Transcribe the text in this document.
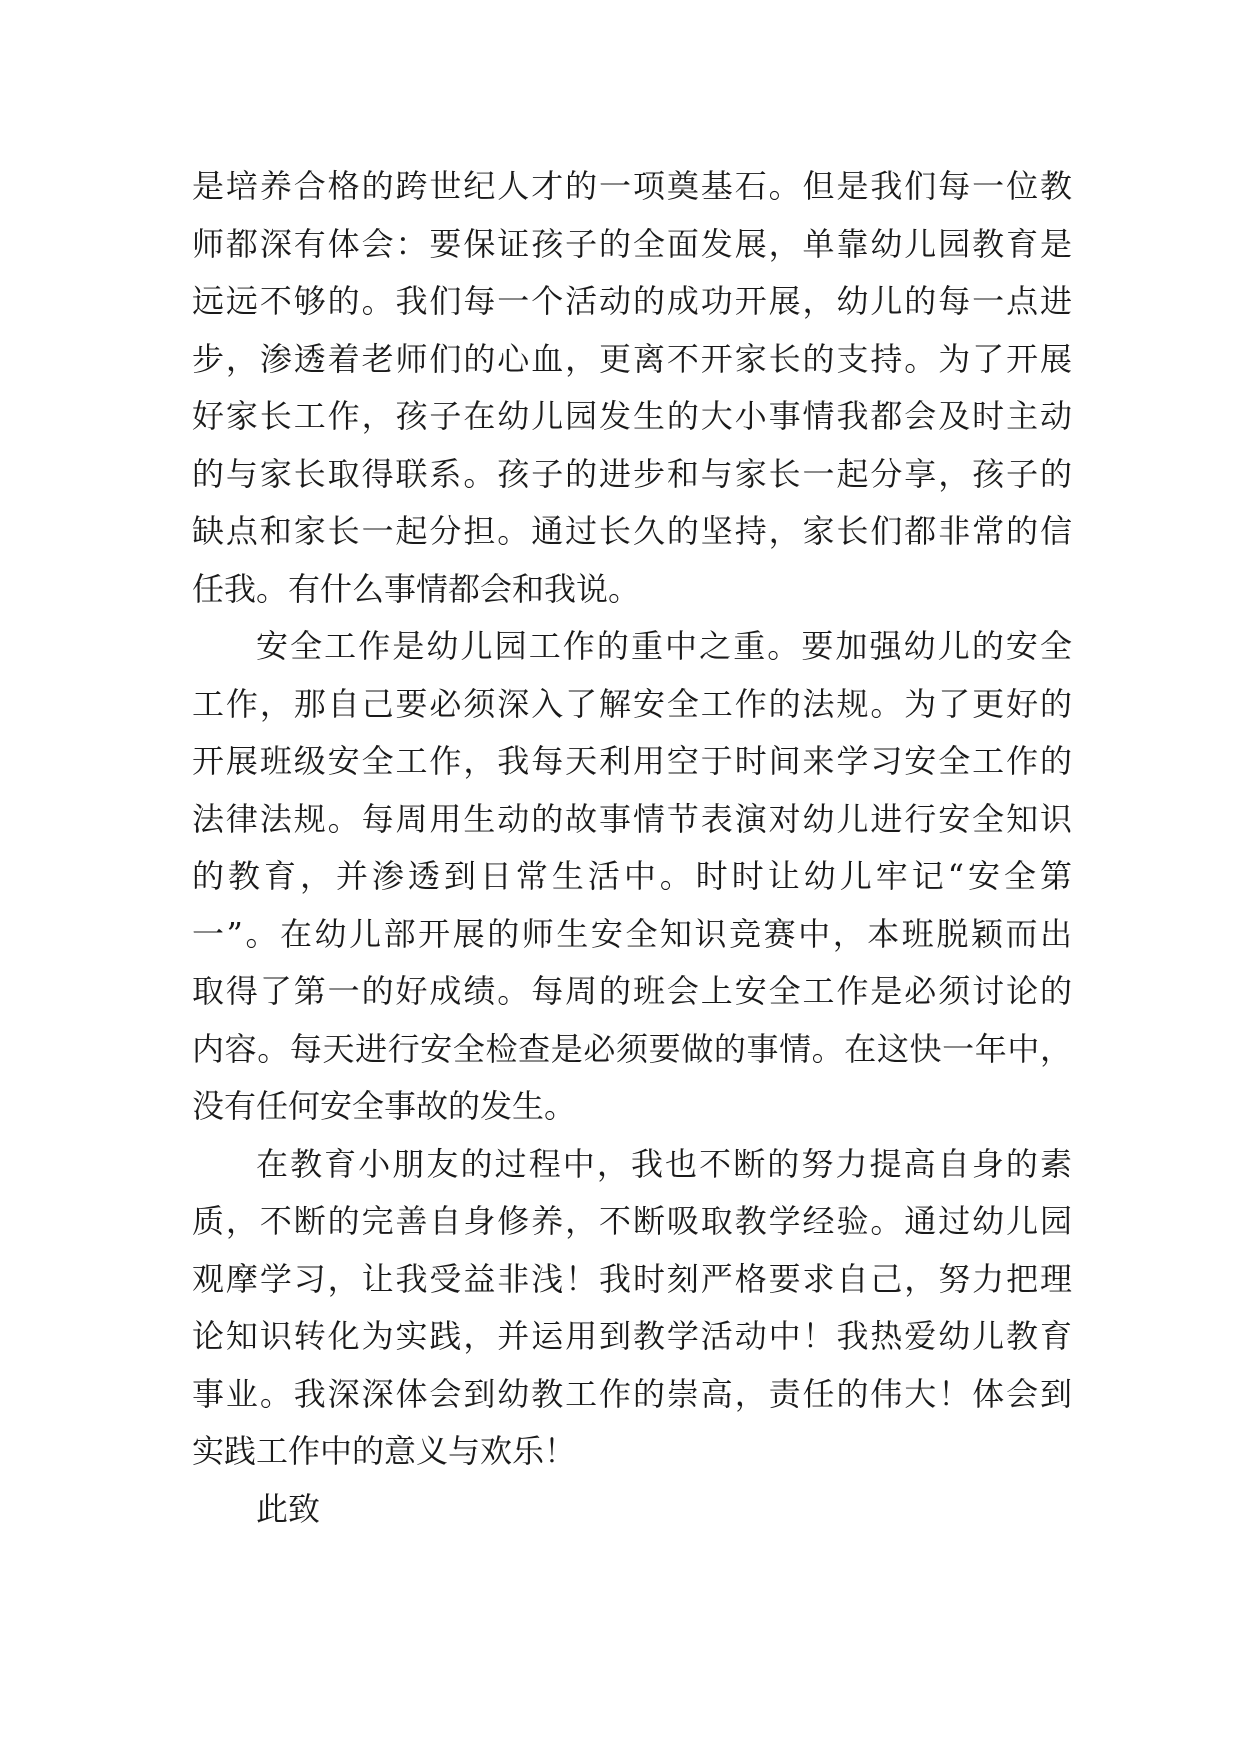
是培养合格的跨世纪人才的一项奠基石。但是我们每一位教
师都深有体会：要保证孩子的全面发展，单靠幼儿园教育是
远远不够的。我们每一个活动的成功开展，幼儿的每一点进
步，渗透着老师们的心血，更离不开家长的支持。为了开展
好家长工作，孩子在幼儿园发生的大小事情我都会及时主动
的与家长取得联系。孩子的进步和与家长一起分享，孩子的
缺点和家长一起分担。通过长久的坚持，家长们都非常的信
任我。有什么事情都会和我说。
安全工作是幼儿园工作的重中之重。要加强幼儿的安全
工作，那自己要必须深入了解安全工作的法规。为了更好的
开展班级安全工作，我每天利用空于时间来学习安全工作的
法律法规。每周用生动的故事情节表演对幼儿进行安全知识
的教育，并渗透到日常生活中。时时让幼儿牢记“安全第
一”。在幼儿部开展的师生安全知识竞赛中，本班脱颖而出
取得了第一的好成绩。每周的班会上安全工作是必须讨论的
内容。每天进行安全检查是必须要做的事情。在这快一年中，
没有任何安全事故的发生。
在教育小朋友的过程中，我也不断的努力提高自身的素
质，不断的完善自身修养，不断吸取教学经验。通过幼儿园
观摩学习，让我受益非浅！我时刻严格要求自己，努力把理
论知识转化为实践，并运用到教学活动中！我热爱幼儿教育
事业。我深深体会到幼教工作的崇高，责任的伟大！体会到
实践工作中的意义与欢乐！
此致
